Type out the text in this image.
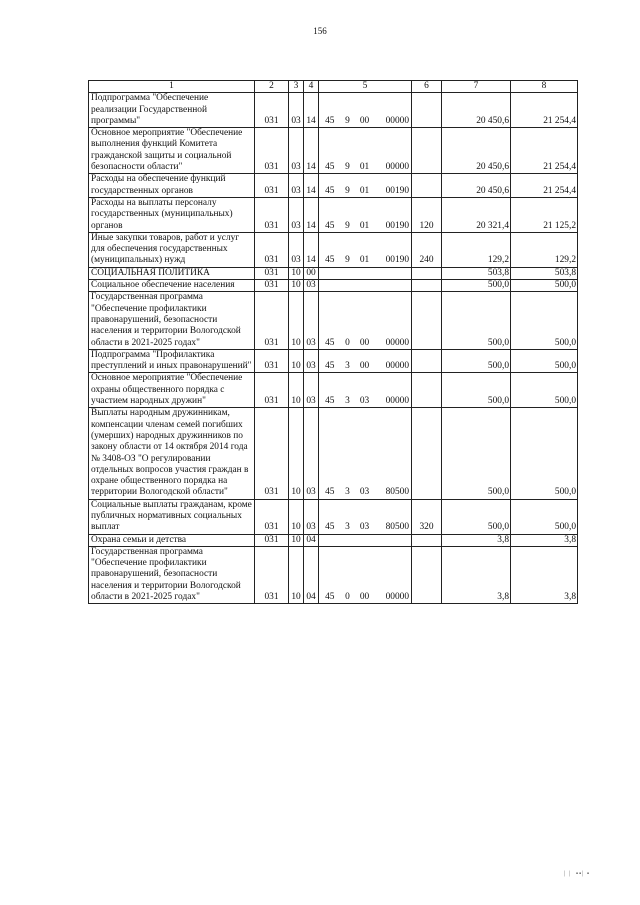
156
1	2	3	4	5				6	7	8
Подпрограмма "Обеспечение реализации Государственной программы"	031	03	14	45	9	00	00000		20 450,6	21 254,4
Основное мероприятие "Обеспечение выполнения функций Комитета гражданской защиты и социальной безопасности области"	031	03	14	45	9	01	00000		20 450,6	21 254,4
Расходы на обеспечение функций государственных органов	031	03	14	45	9	01	00190		20 450,6	21 254,4
Расходы на выплаты персоналу государственных (муниципальных) органов	031	03	14	45	9	01	00190	120	20 321,4	21 125,2
Иные закупки товаров, работ и услуг для обеспечения государственных (муниципальных) нужд	031	03	14	45	9	01	00190	240	129,2	129,2
СОЦИАЛЬНАЯ ПОЛИТИКА	031	10	00						503,8	503,8
Социальное обеспечение населения	031	10	03						500,0	500,0
Государственная программа "Обеспечение профилактики правонарушений, безопасности населения и территории Вологодской области в 2021-2025 годах"	031	10	03	45	0	00	00000		500,0	500,0
Подпрограмма "Профилактика преступлений и иных правонарушений"	031	10	03	45	3	00	00000		500,0	500,0
Основное мероприятие "Обеспечение охраны общественного порядка с участием народных дружин"	031	10	03	45	3	03	00000		500,0	500,0
Выплаты народным дружинникам, компенсации членам семей погибших (умерших) народных дружинников по закону области от 14 октября 2014 года № 3408-ОЗ "О регулировании отдельных вопросов участия граждан в охране общественного порядка на территории Вологодской области"	031	10	03	45	3	03	80500		500,0	500,0
Социальные выплаты гражданам, кроме публичных нормативных социальных выплат	031	10	03	45	3	03	80500	320	500,0	500,0
Охрана семьи и детства	031	10	04						3,8	3,8
Государственная программа "Обеспечение профилактики правонарушений, безопасности населения и территории Вологодской области в 2021-2025 годах"	031	10	04	45	0	00	00000		3,8	3,8
| |  ▪▪| ▪
